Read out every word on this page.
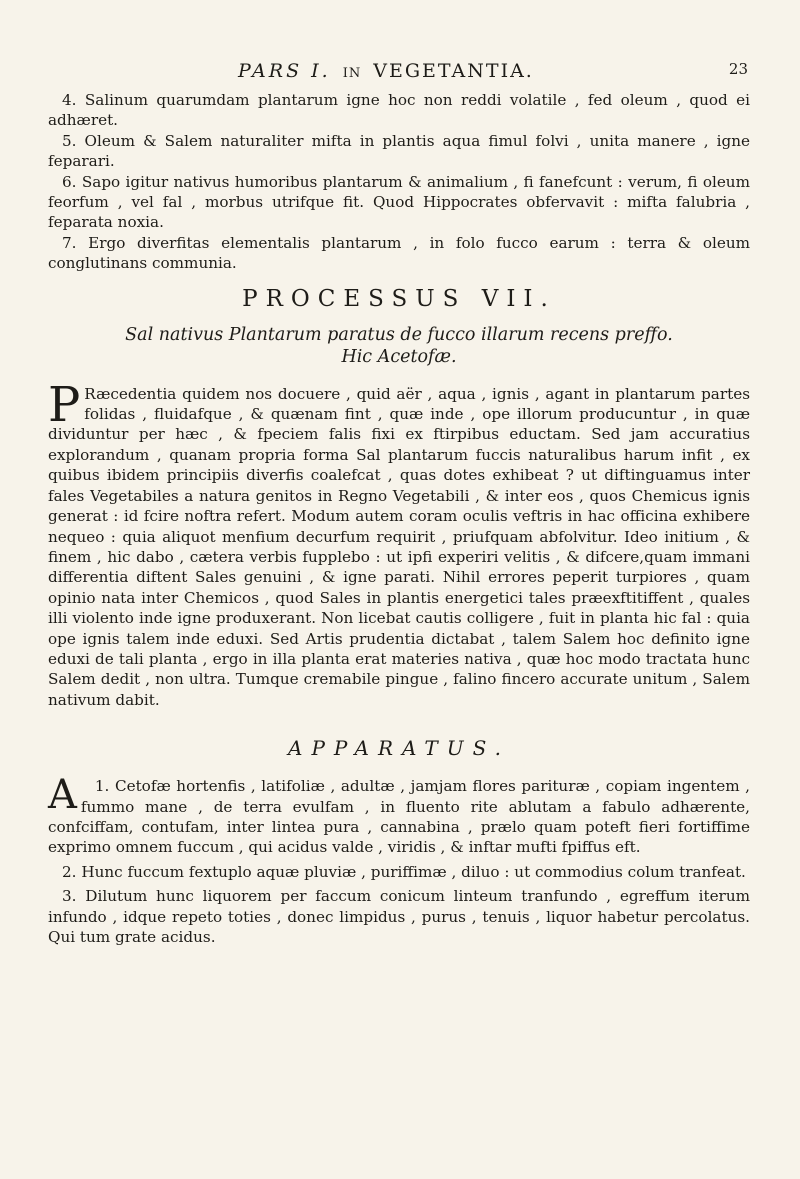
PARS I. IN VEGETANTIA.	23

4. Salinum quarumdam plantarum igne hoc non reddi volatile , fed oleum , quod ei adhæret.

5. Oleum & Salem naturaliter mifta in plantis aqua fimul folvi , unita manere , igne feparari.

6. Sapo igitur nativus humoribus plantarum & animalium , fi fanefcunt : verum, fi oleum feorfum , vel fal , morbus utrifque fit. Quod Hippocrates obfervavit : mifta falubria , feparata noxia.

7. Ergo diverfitas elementalis plantarum , in folo fucco earum : terra & oleum conglutinans communia.

PROCESSUS VII.
Sal nativus Plantarum paratus de fucco illarum recens preffo.
Hic Acetofæ.

P Ræcedentia quidem nos docuere , quid aër , aqua , ignis , agant in plantarum partes folidas , fluidafque , & quænam fint , quæ inde , ope illorum producuntur , in quæ dividuntur per hæc , & fpeciem falis fixi ex ftirpibus eductam. Sed jam accuratius explorandum , quanam propria forma Sal plantarum fuccis naturalibus harum infit , ex quibus ibidem principiis diverfis coalefcat , quas dotes exhibeat ? ut diftinguamus inter fales Vegetabiles a natura genitos in Regno Vegetabili , & inter eos , quos Chemicus ignis generat : id fcire noftra refert. Modum autem coram oculis veftris in hac officina exhibere nequeo : quia aliquot menfium decurfum requirit , priufquam abfolvitur. Ideo initium , & finem , hic dabo , cætera verbis fupplebo : ut ipfi experiri velitis , & difcere,quam immani differentia diftent Sales genuini , & igne parati. Nihil errores peperit turpiores , quam opinio nata inter Chemicos , quod Sales in plantis energetici tales præexftitiffent , quales illi violento inde igne produxerant. Non licebat cautis colligere , fuit in planta hic fal : quia ope ignis talem inde eduxi. Sed Artis prudentia dictabat , talem Salem hoc definito igne eduxi de tali planta , ergo in illa planta erat materies nativa , quæ hoc modo tractata hunc Salem dedit , non ultra. Tumque cremabile pingue , falino fincero accurate unitum , Salem nativum dabit.

APPARATUS.

1.
A	Cetofæ hortenfis , latifoliæ , adultæ , jamjam flores parituræ , copiam ingentem , fummo mane , de terra evulfam , in fluento rite ablutam a fabulo adhærente, confciffam, contufam, inter lintea pura , cannabina , prælo quam poteft fieri fortiffime exprimo omnem fuccum , qui acidus valde , viridis , & inftar mufti fpiffus eft.

2. Hunc fuccum fextuplo aquæ pluviæ , puriffimæ , diluo : ut commodius colum tranfeat.

3. Dilutum hunc liquorem per faccum conicum linteum tranfundo , egreffum iterum infundo , idque repeto toties , donec limpidus , purus , tenuis , liquor habetur percolatus. Qui tum grate acidus.
